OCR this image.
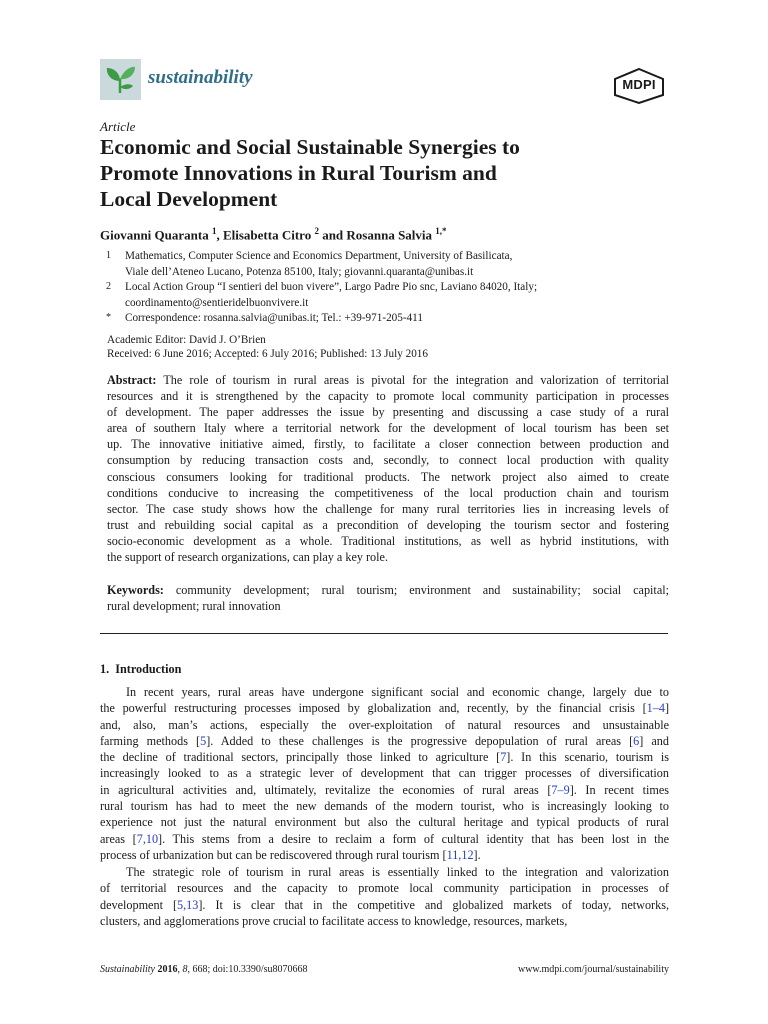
sustainability	MDPI
Article
Economic and Social Sustainable Synergies to
Promote Innovations in Rural Tourism and
Local Development
Giovanni Quaranta $^1$, Elisabetta Citro $^2$ and Rosanna Salvia $^{1,*}$
1 Mathematics, Computer Science and Economics Department, University of Basilicata,
Viale dell’Ateneo Lucano, Potenza 85100, Italy; giovanni.quaranta@unibas.it
2 Local Action Group “I sentieri del buon vivere”, Largo Padre Pio snc, Laviano 84020, Italy;
coordinamento@sentieridelbuonvivere.it
* Correspondence: rosanna.salvia@unibas.it; Tel.: +39-971-205-411
Academic Editor: David J. O’Brien
Received: 6 June 2016; Accepted: 6 July 2016; Published: 13 July 2016
Abstract: The role of tourism in rural areas is pivotal for the integration and valorization of territorial
resources and it is strengthened by the capacity to promote local community participation in processes
of development. The paper addresses the issue by presenting and discussing a case study of a rural
area of southern Italy where a territorial network for the development of local tourism has been set
up. The innovative initiative aimed, firstly, to facilitate a closer connection between production and
consumption by reducing transaction costs and, secondly, to connect local production with quality
conscious consumers looking for traditional products. The network project also aimed to create
conditions conducive to increasing the competitiveness of the local production chain and tourism
sector. The case study shows how the challenge for many rural territories lies in increasing levels of
trust and rebuilding social capital as a precondition of developing the tourism sector and fostering
socio-economic development as a whole. Traditional institutions, as well as hybrid institutions, with
the support of research organizations, can play a key role.
Keywords: community development; rural tourism; environment and sustainability; social capital;
rural development; rural innovation
1. Introduction
In recent years, rural areas have undergone significant social and economic change, largely due to
the powerful restructuring processes imposed by globalization and, recently, by the financial crisis [1–4]
and, also, man’s actions, especially the over-exploitation of natural resources and unsustainable
farming methods [5]. Added to these challenges is the progressive depopulation of rural areas [6] and
the decline of traditional sectors, principally those linked to agriculture [7]. In this scenario, tourism is
increasingly looked to as a strategic lever of development that can trigger processes of diversification
in agricultural activities and, ultimately, revitalize the economies of rural areas [7–9]. In recent times
rural tourism has had to meet the new demands of the modern tourist, who is increasingly looking to
experience not just the natural environment but also the cultural heritage and typical products of rural
areas [7,10]. This stems from a desire to reclaim a form of cultural identity that has been lost in the
process of urbanization but can be rediscovered through rural tourism [11,12].
The strategic role of tourism in rural areas is essentially linked to the integration and valorization
of territorial resources and the capacity to promote local community participation in processes of
development [5,13]. It is clear that in the competitive and globalized markets of today, networks,
clusters, and agglomerations prove crucial to facilitate access to knowledge, resources, markets,
Sustainability 2016, 8, 668; doi:10.3390/su8070668	www.mdpi.com/journal/sustainability
